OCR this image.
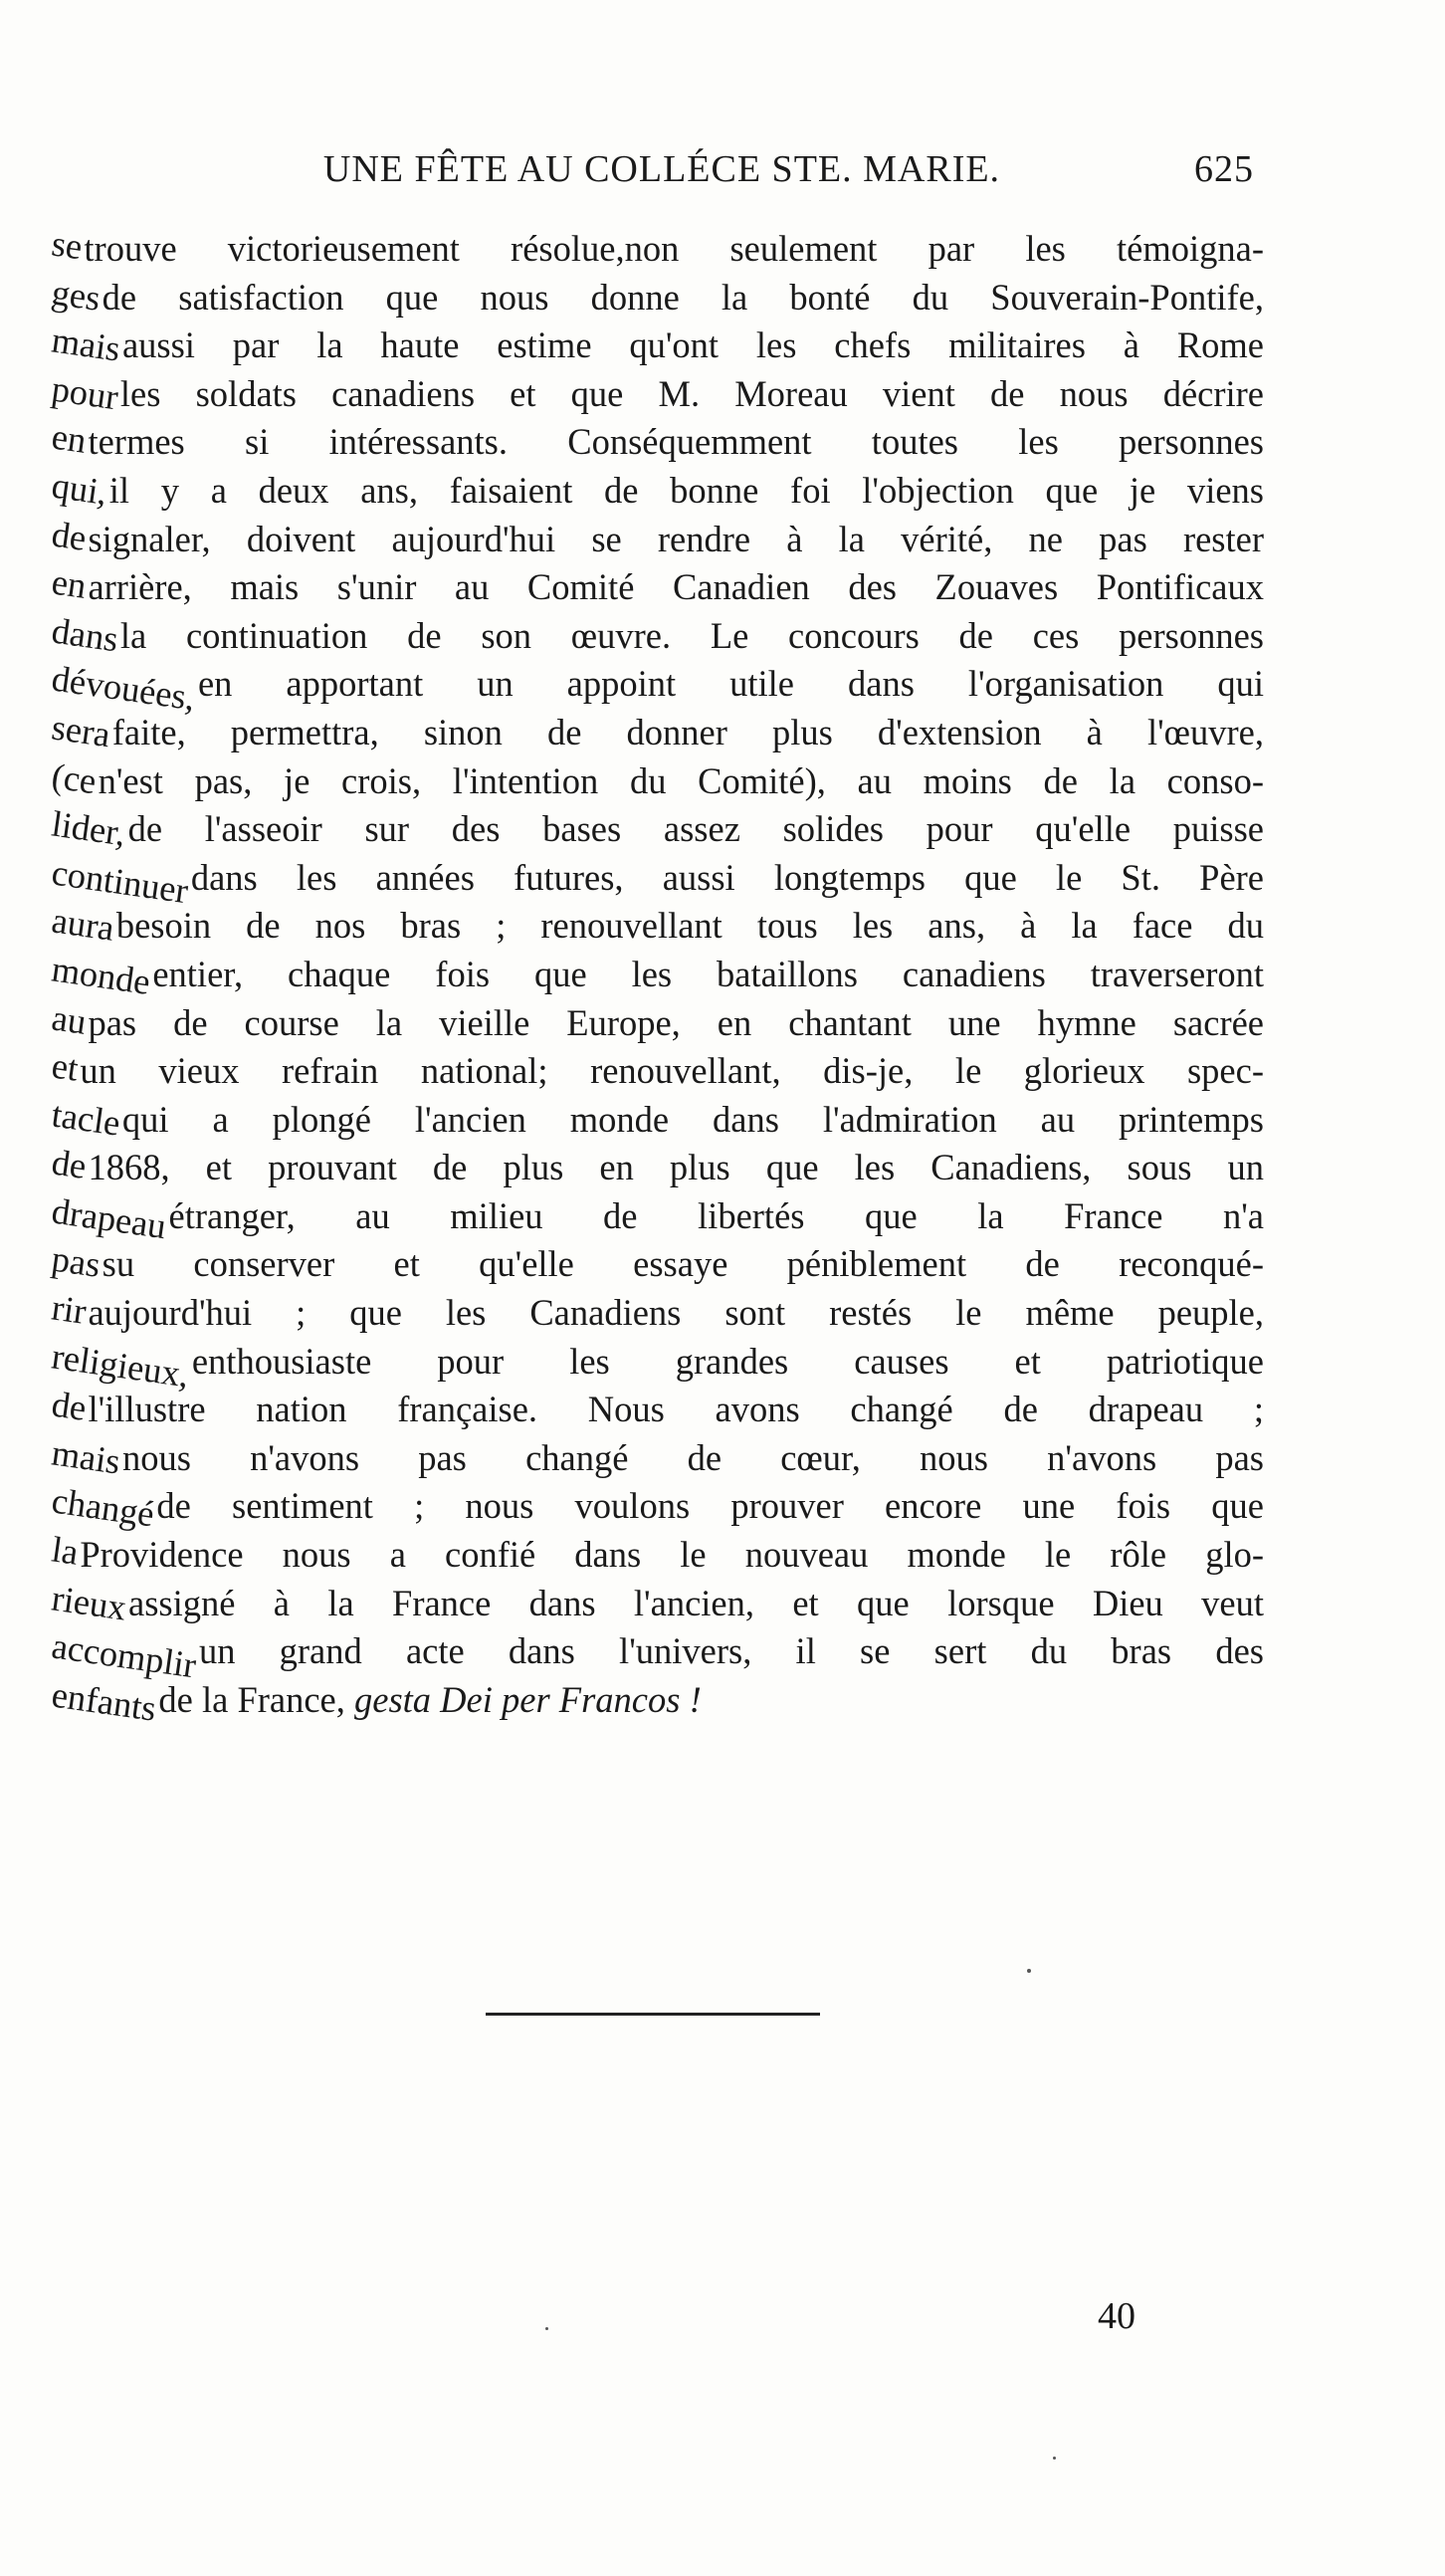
UNE FÊTE AU COLLÉCE STE. MARIE.	625
setrouve victorieusement résolue,non seulement par les témoigna-
gesde satisfaction que nous donne la bonté du Souverain-Pontife,
maisaussi par la haute estime qu'ont les chefs militaires à Rome
pourles soldats canadiens et que M. Moreau vient de nous décrire
entermes si intéressants. Conséquemment toutes les personnes
qui,il y a deux ans, faisaient de bonne foi l'objection que je viens
designaler, doivent aujourd'hui se rendre à la vérité, ne pas rester
enarrière, mais s'unir au Comité Canadien des Zouaves Pontificaux
dansla continuation de son œuvre. Le concours de ces personnes
dévouées,en apportant un appoint utile dans l'organisation qui
serafaite, permettra, sinon de donner plus d'extension à l'œuvre,
(cen'est pas, je crois, l'intention du Comité), au moins de la conso-
lider,de l'asseoir sur des bases assez solides pour qu'elle puisse
continuerdans les années futures, aussi longtemps que le St. Père
aurabesoin de nos bras ; renouvellant tous les ans, à la face du
mondeentier, chaque fois que les bataillons canadiens traverseront
aupas de course la vieille Europe, en chantant une hymne sacrée
etun vieux refrain national; renouvellant, dis-je, le glorieux spec-
taclequi a plongé l'ancien monde dans l'admiration au printemps
de1868, et prouvant de plus en plus que les Canadiens, sous un
drapeauétranger, au milieu de libertés que la France n'a
passu conserver et qu'elle essaye péniblement de reconqué-
riraujourd'hui ; que les Canadiens sont restés le même peuple,
religieux,enthousiaste pour les grandes causes et patriotique
del'illustre nation française. Nous avons changé de drapeau ;
maisnous n'avons pas changé de cœur, nous n'avons pas
changéde sentiment ; nous voulons prouver encore une fois que
laProvidence nous a confié dans le nouveau monde le rôle glo-
rieuxassigné à la France dans l'ancien, et que lorsque Dieu veut
accomplirun grand acte dans l'univers, il se sert du bras des
enfantsde la France, gesta Dei per Francos !
40
